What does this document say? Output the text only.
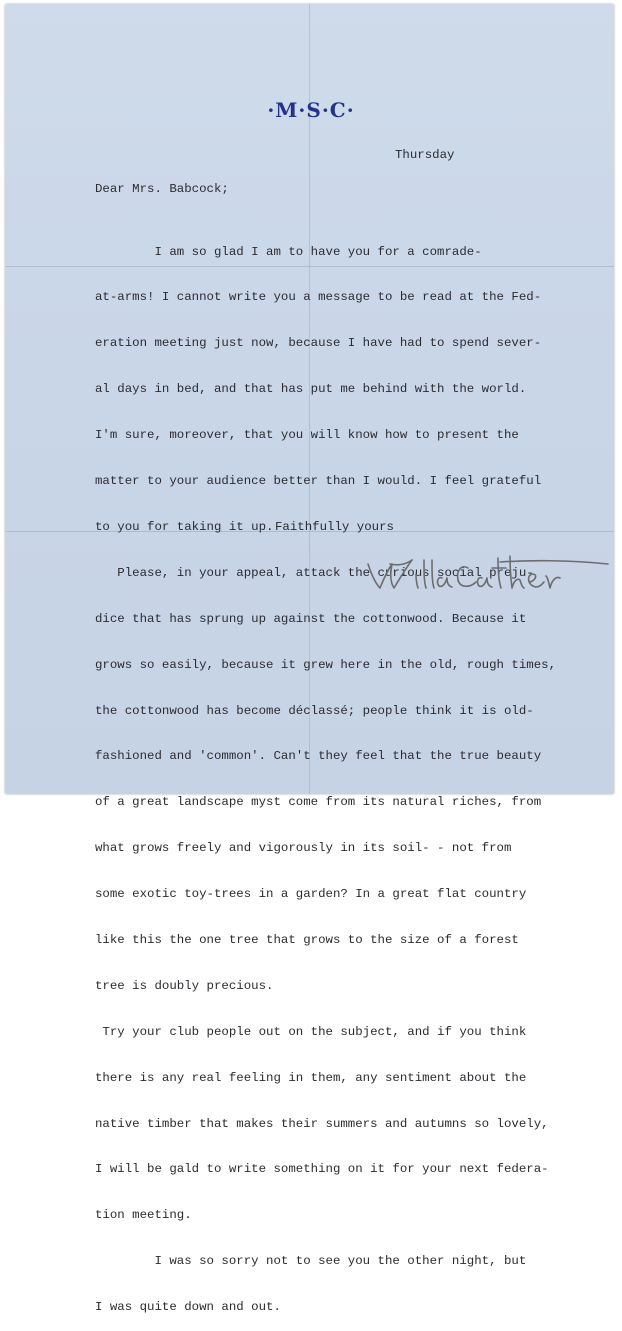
·M·S·C·
Thursday
Dear Mrs. Babcock;

I am so glad I am to have you for a comrade-

at-arms! I cannot write you a message to be read at the Fed-

eration meeting just now, because I have had to spend sever-

al days in bed, and that has put me behind with the world.

I'm sure, moreover, that you will know how to present the

matter to your audience better than I would. I feel grateful

to you for taking it up.

Please, in your appeal, attack the curious social preju-

dice that has sprung up against the cottonwood. Because it

grows so easily, because it grew here in the old, rough times,

the cottonwood has become déclassé; people think it is old-

fashioned and 'common'. Can't they feel that the true beauty

of a great landscape myst come from its natural riches, from

what grows freely and vigorously in its soil- - not from

some exotic toy-trees in a garden? In a great flat country

like this the one tree that grows to the size of a forest

tree is doubly precious.

Try your club people out on the subject, and if you think

there is any real feeling in them, any sentiment about the

native timber that makes their summers and autumns so lovely,

I will be gald to write something on it for your next federa-

tion meeting.

I was so sorry not to see you the other night, but

I was quite down and out.

Faithfully yours
